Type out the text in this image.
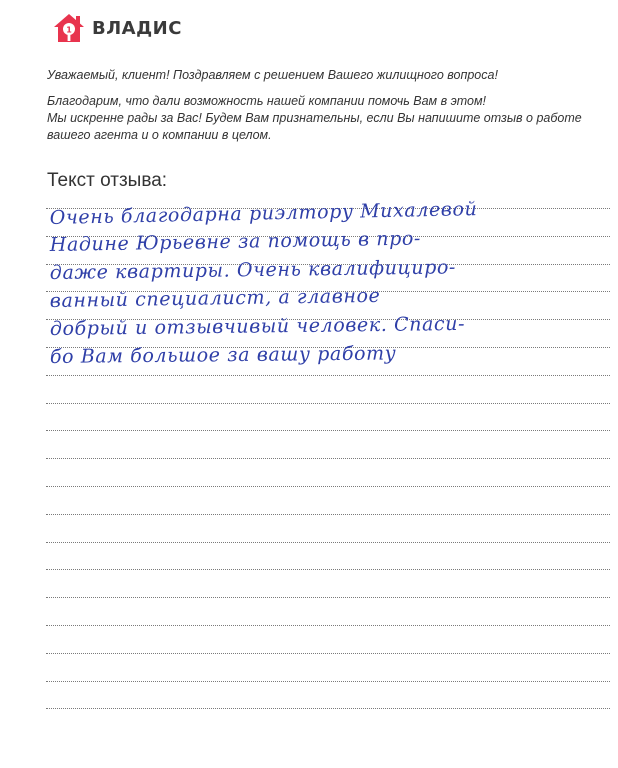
1 ВЛАДИС
Уважаемый, клиент! Поздравляем с решением Вашего жилищного вопроса!
Благодарим, что дали возможность нашей компании помочь Вам в этом!
Мы искренне рады за Вас! Будем Вам признательны, если Вы напишите отзыв о работе
вашего агента и о компании в целом.
Текст отзыва:
Очень благодарна риэлтору Михалевой
Надине Юрьевне за помощь в про-
даже квартиры. Очень квалифициро-
ванный специалист, а главное
добрый и отзывчивый человек. Спаси-
бо Вам большое за вашу работу
